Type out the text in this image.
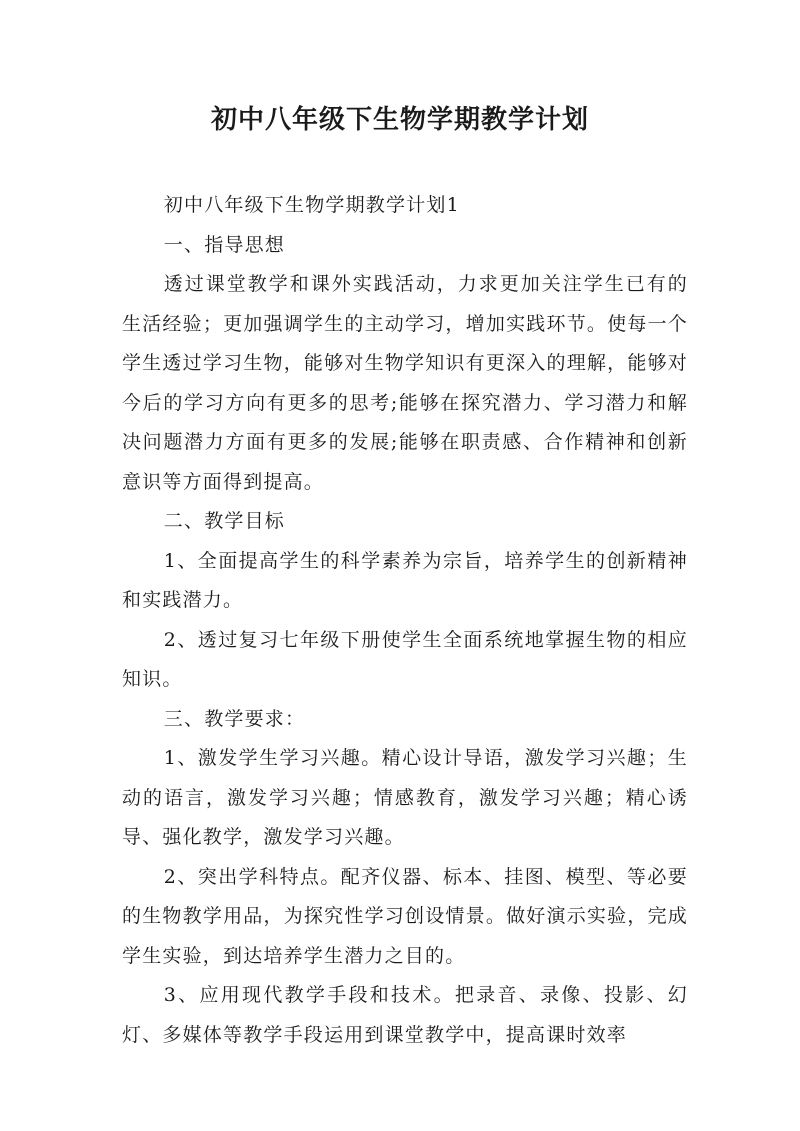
初中八年级下生物学期教学计划

初中八年级下生物学期教学计划1

一、指导思想

透过课堂教学和课外实践活动，力求更加关注学生已有的生活经验；更加强调学生的主动学习，增加实践环节。使每一个学生透过学习生物，能够对生物学知识有更深入的理解，能够对今后的学习方向有更多的思考;能够在探究潜力、学习潜力和解决问题潜力方面有更多的发展;能够在职责感、合作精神和创新意识等方面得到提高。

二、教学目标

1、全面提高学生的科学素养为宗旨，培养学生的创新精神和实践潜力。

2、透过复习七年级下册使学生全面系统地掌握生物的相应知识。

三、教学要求：

1、激发学生学习兴趣。精心设计导语，激发学习兴趣；生动的语言，激发学习兴趣；情感教育，激发学习兴趣；精心诱导、强化教学，激发学习兴趣。

2、突出学科特点。配齐仪器、标本、挂图、模型、等必要的生物教学用品，为探究性学习创设情景。做好演示实验，完成学生实验，到达培养学生潜力之目的。

3、应用现代教学手段和技术。把录音、录像、投影、幻灯、多媒体等教学手段运用到课堂教学中，提高课时效率
